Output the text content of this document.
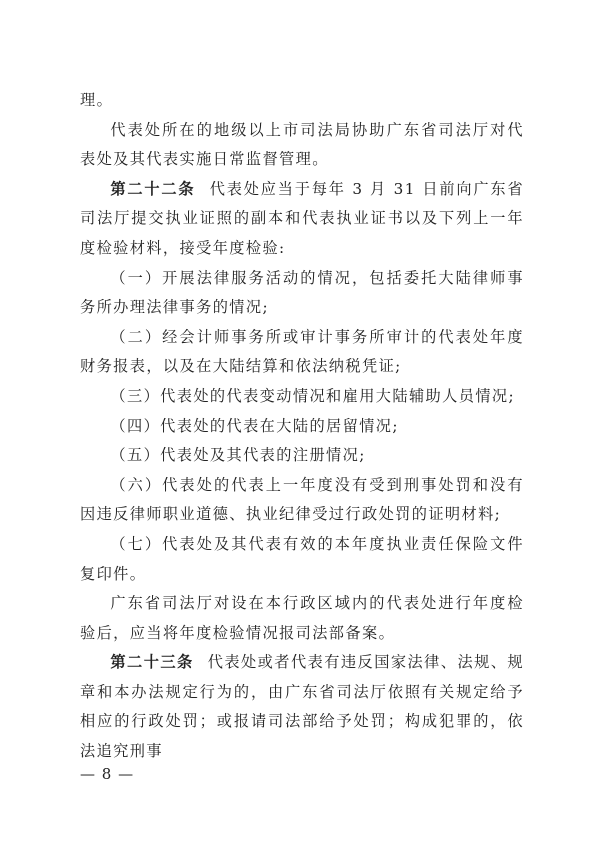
理。

代表处所在的地级以上市司法局协助广东省司法厅对代表处及其代表实施日常监督管理。

第二十二条 代表处应当于每年 3 月 31 日前向广东省司法厅提交执业证照的副本和代表执业证书以及下列上一年度检验材料，接受年度检验:

（一）开展法律服务活动的情况，包括委托大陆律师事务所办理法律事务的情况;

（二）经会计师事务所或审计事务所审计的代表处年度财务报表，以及在大陆结算和依法纳税凭证;

（三）代表处的代表变动情况和雇用大陆辅助人员情况;

（四）代表处的代表在大陆的居留情况;

（五）代表处及其代表的注册情况;

（六）代表处的代表上一年度没有受到刑事处罚和没有因违反律师职业道德、执业纪律受过行政处罚的证明材料;

（七）代表处及其代表有效的本年度执业责任保险文件复印件。

广东省司法厅对设在本行政区域内的代表处进行年度检验后，应当将年度检验情况报司法部备案。

第二十三条 代表处或者代表有违反国家法律、法规、规章和本办法规定行为的，由广东省司法厅依照有关规定给予相应的行政处罚；或报请司法部给予处罚；构成犯罪的，依法追究刑事

— 8 —
